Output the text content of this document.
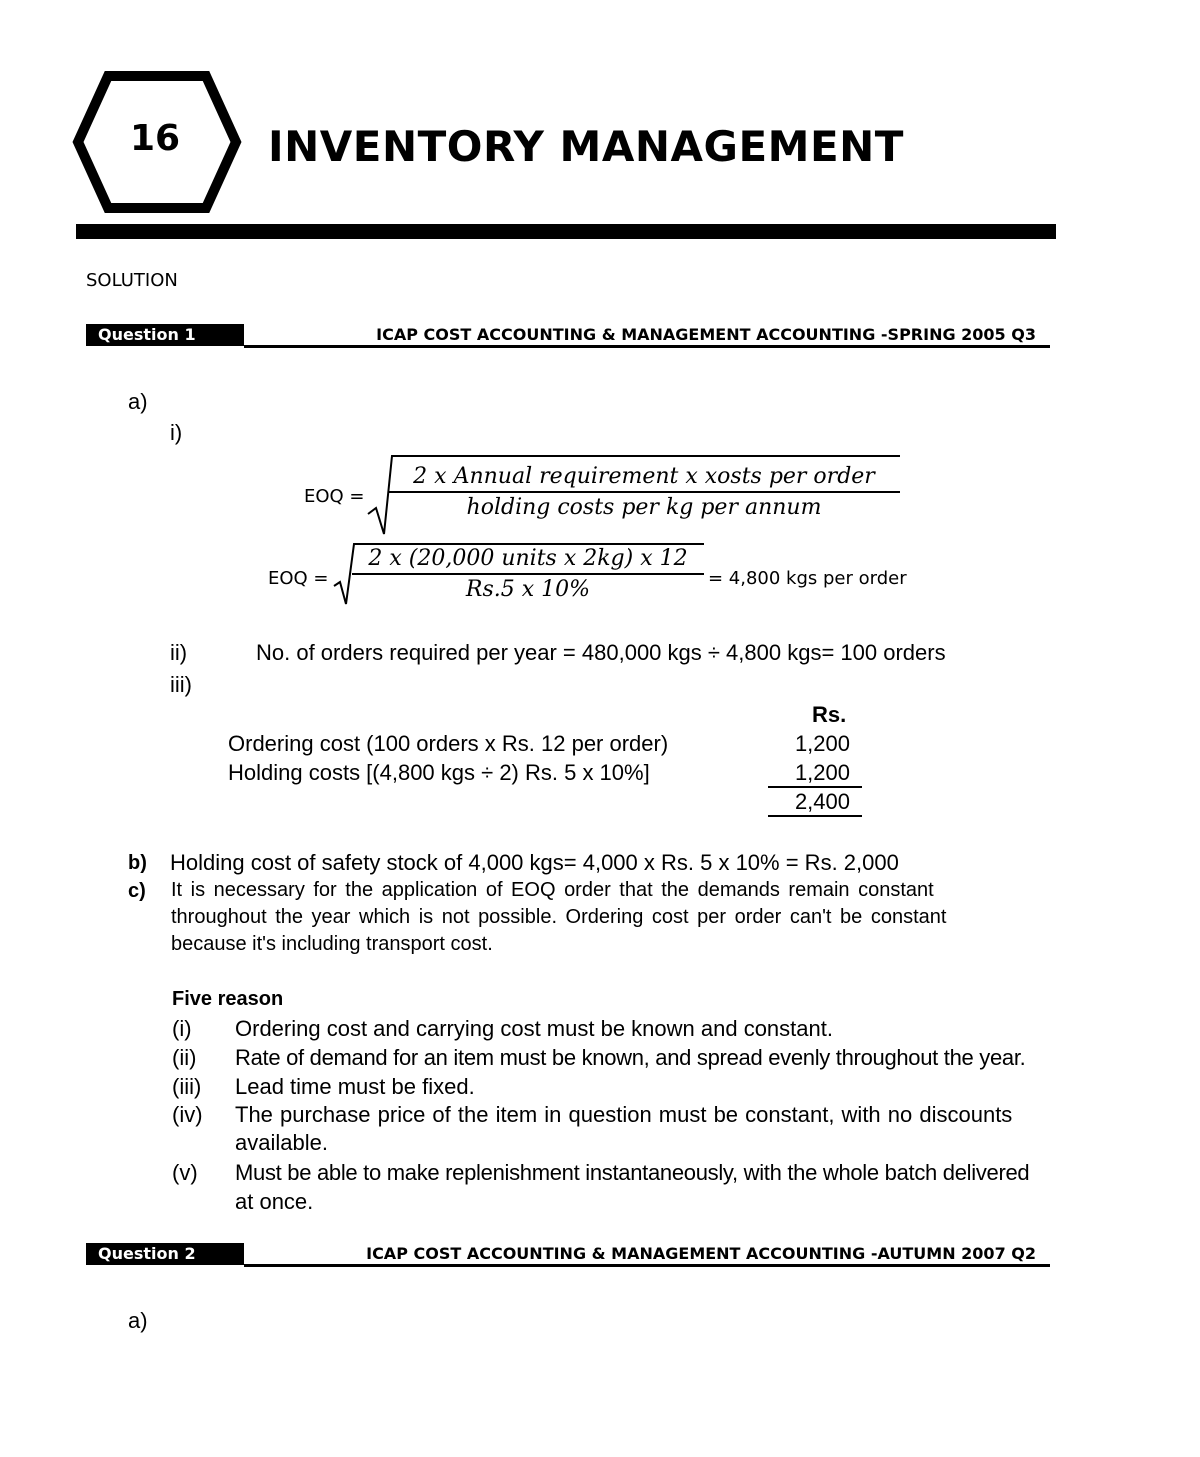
16 INVENTORY MANAGEMENT
SOLUTION
Question 1	ICAP COST ACCOUNTING & MANAGEMENT ACCOUNTING -SPRING 2005 Q3
a)
i)
EOQ =
2 x Annual requirement x xosts per order
holding costs per kg per annum
EOQ =
2 x (20,000 units x 2kg) x 12
Rs.5 x 10%	= 4,800 kgs per order
ii)	No. of orders required per year = 480,000 kgs ÷ 4,800 kgs= 100 orders
iii)
Rs.
Ordering cost (100 orders x Rs. 12 per order)	1,200
Holding costs [(4,800 kgs ÷ 2) Rs. 5 x 10%]	1,200
2,400
b) Holding cost of safety stock of 4,000 kgs= 4,000 x Rs. 5 x 10% = Rs. 2,000
c) It is necessary for the application of EOQ order that the demands remain constant
throughout the year which is not possible. Ordering cost per order can't be constant
because it's including transport cost.
Five reason
(i) Ordering cost and carrying cost must be known and constant.
(ii) Rate of demand for an item must be known, and spread evenly throughout the year.
(iii) Lead time must be fixed.
(iv) The purchase price of the item in question must be constant, with no discounts
available.
(v) Must be able to make replenishment instantaneously, with the whole batch delivered
at once.
Question 2	ICAP COST ACCOUNTING & MANAGEMENT ACCOUNTING -AUTUMN 2007 Q2
a)
